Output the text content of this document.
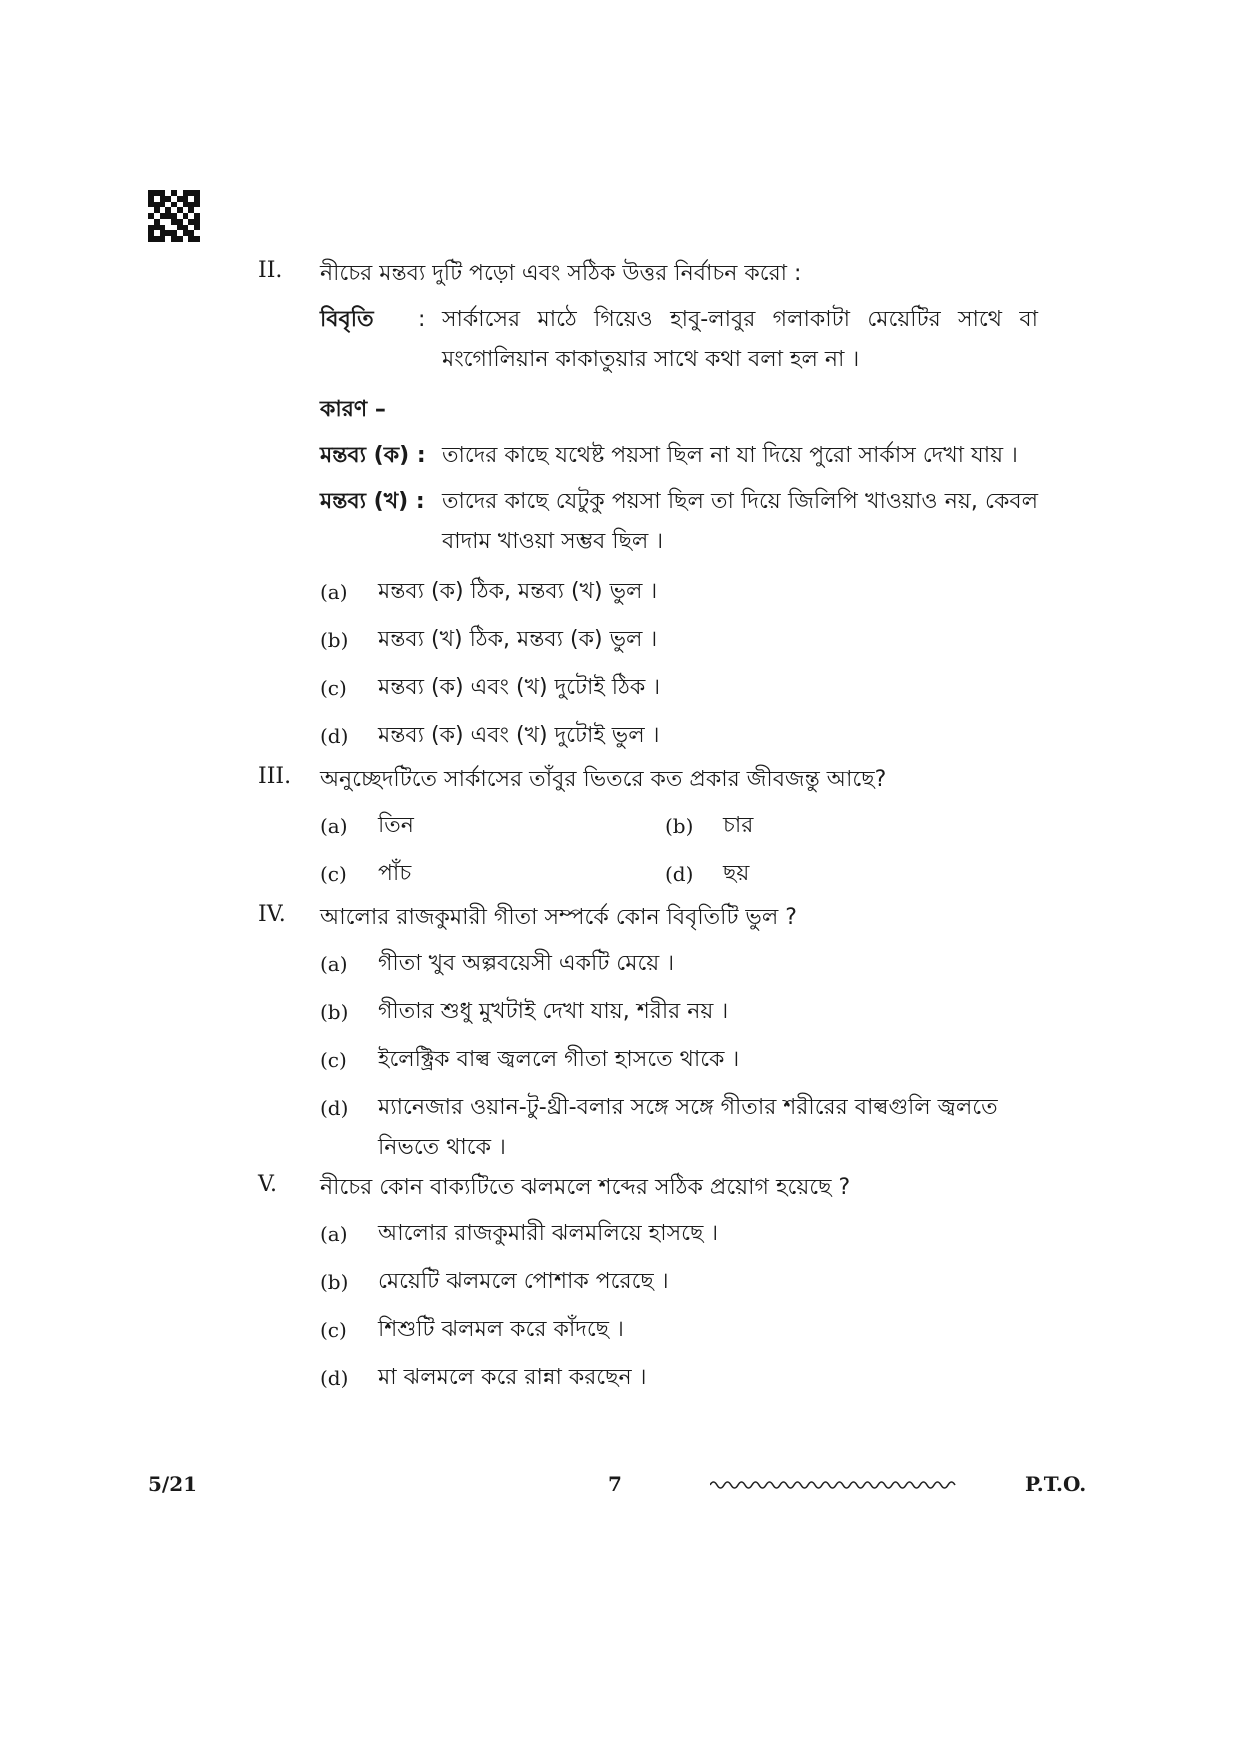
II.	নীচের মন্তব্য দুটি পড়ো এবং সঠিক উত্তর নির্বাচন করো :
বিবৃতি	: সার্কাসের মাঠে গিয়েও হাবু-লাবুর গলাকাটা মেয়েটির সাথে বা মংগোলিয়ান কাকাতুয়ার সাথে কথা বলা হল না ।
কারণ –
মন্তব্য (ক) : তাদের কাছে যথেষ্ট পয়সা ছিল না যা দিয়ে পুরো সার্কাস দেখা যায় ।
মন্তব্য (খ) : তাদের কাছে যেটুকু পয়সা ছিল তা দিয়ে জিলিপি খাওয়াও নয়, কেবল বাদাম খাওয়া সম্ভব ছিল ।
(a)	মন্তব্য (ক) ঠিক, মন্তব্য (খ) ভুল ।
(b)	মন্তব্য (খ) ঠিক, মন্তব্য (ক) ভুল ।
(c)	মন্তব্য (ক) এবং (খ) দুটোই ঠিক ।
(d)	মন্তব্য (ক) এবং (খ) দুটোই ভুল ।
III.	অনুচ্ছেদটিতে সার্কাসের তাঁবুর ভিতরে কত প্রকার জীবজন্তু আছে?
(a)	তিন	(b)	চার
(c)	পাঁচ	(d)	ছয়
IV.	আলোর রাজকুমারী গীতা সম্পর্কে কোন বিবৃতিটি ভুল ?
(a)	গীতা খুব অল্পবয়েসী একটি মেয়ে ।
(b)	গীতার শুধু মুখটাই দেখা যায়, শরীর নয় ।
(c)	ইলেক্ট্রিক বাল্ব জ্বললে গীতা হাসতে থাকে ।
(d)	ম্যানেজার ওয়ান-টু-থ্রী-বলার সঙ্গে সঙ্গে গীতার শরীরের বাল্বগুলি জ্বলতে নিভতে থাকে ।
V.	নীচের কোন বাক্যটিতে ঝলমলে শব্দের সঠিক প্রয়োগ হয়েছে ?
(a)	আলোর রাজকুমারী ঝলমলিয়ে হাসছে ।
(b)	মেয়েটি ঝলমলে পোশাক পরেছে ।
(c)	শিশুটি ঝলমল করে কাঁদছে ।
(d)	মা ঝলমলে করে রান্না করছেন ।
5/21	7	P.T.O.
